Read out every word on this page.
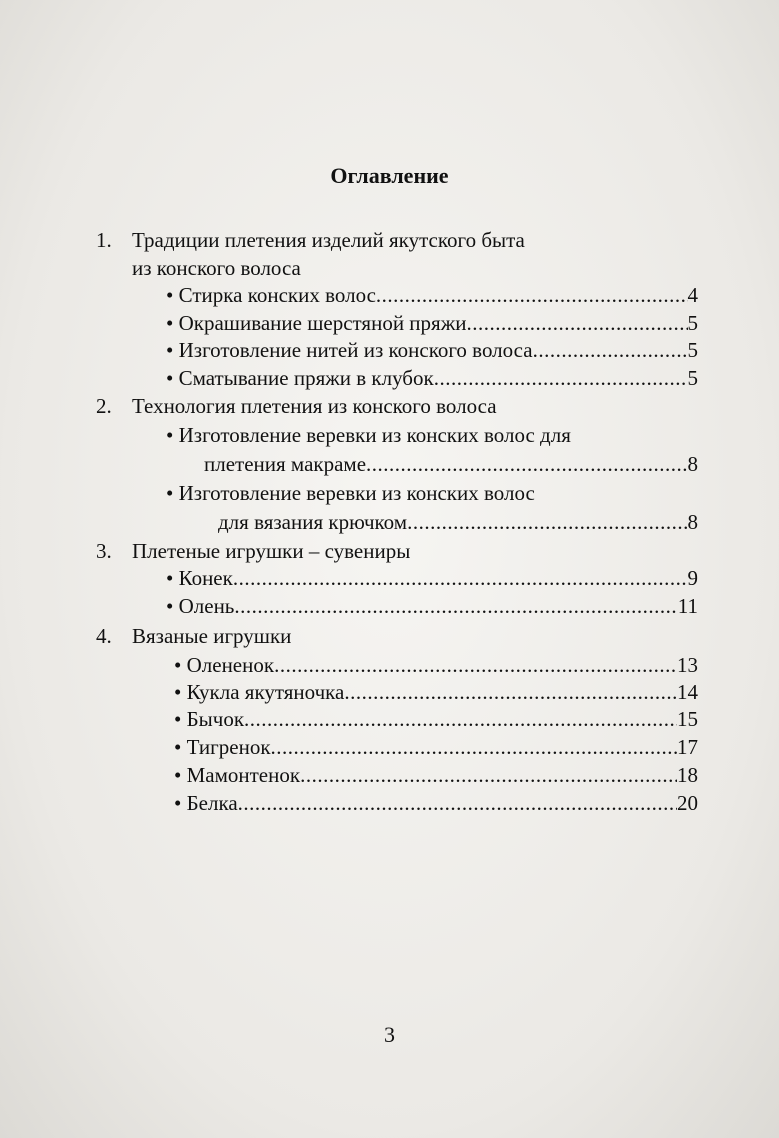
Оглавление
1. Традиции плетения изделий якутского быта
из конского волоса
• Стирка конских волос .....	4
• Окрашивание шерстяной пряжи .....	5
• Изготовление нитей из конского волоса .....	5
• Сматывание пряжи в клубок .....	5
2. Технология плетения из конского волоса
• Изготовление веревки из конских волос для
плетения макраме .....	8
• Изготовление веревки из конских волос
для вязания крючком .....	8
3. Плетеные игрушки – сувениры
• Конек .....	9
• Олень .....	11
4. Вязаные игрушки
• Олененок .....	13
• Кукла якутяночка .....	14
• Бычок .....	15
• Тигренок .....	17
• Мамонтенок .....	18
• Белка .....	20
3
